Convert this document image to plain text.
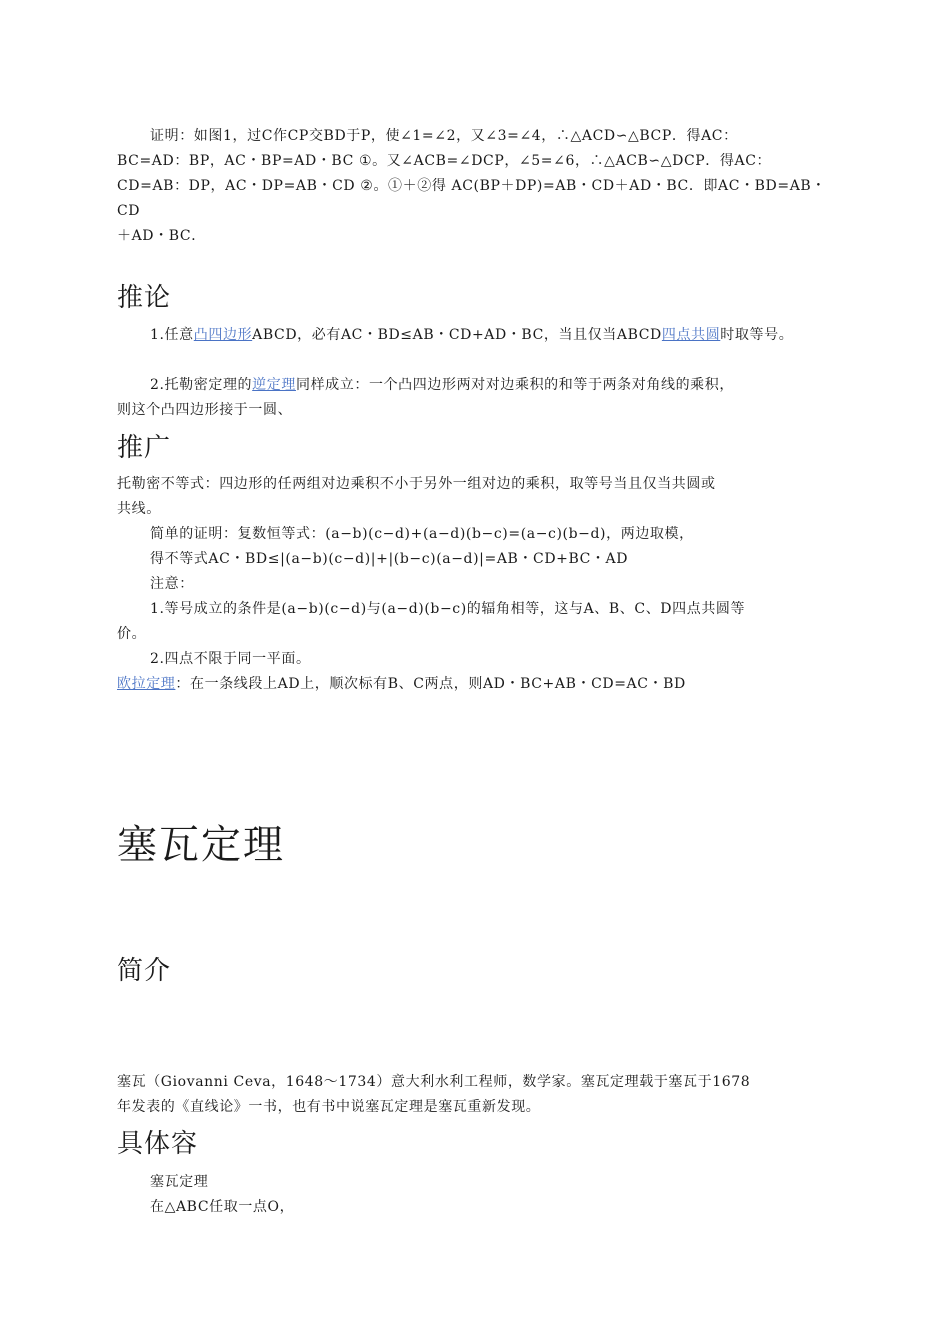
证明：如图1，过C作CP交BD于P，使∠1=∠2，又∠3=∠4，∴△ACD∽△BCP．得AC：

BC=AD：BP，AC・BP=AD・BC ①。又∠ACB=∠DCP，∠5=∠6，∴△ACB∽△DCP．得AC：

CD=AB：DP，AC・DP=AB・CD ②。①＋②得 AC(BP＋DP)=AB・CD＋AD・BC．即AC・BD=AB・CD

＋AD・BC．

推论

1.任意凸四边形ABCD，必有AC・BD≤AB・CD+AD・BC，当且仅当ABCD四点共圆时取等号。

2.托勒密定理的逆定理同样成立：一个凸四边形两对对边乘积的和等于两条对角线的乘积，

则这个凸四边形接于一圆、

推广

托勒密不等式：四边形的任两组对边乘积不小于另外一组对边的乘积，取等号当且仅当共圆或

共线。

简单的证明：复数恒等式：(a−b)(c−d)+(a−d)(b−c)=(a−c)(b−d)，两边取模，

得不等式AC・BD≤|(a−b)(c−d)|+|(b−c)(a−d)|=AB・CD+BC・AD

注意：

1.等号成立的条件是(a−b)(c−d)与(a−d)(b−c)的辐角相等，这与A、B、C、D四点共圆等

价。

2.四点不限于同一平面。

欧拉定理：在一条线段上AD上，顺次标有B、C两点，则AD・BC+AB・CD=AC・BD

塞瓦定理
简介

塞瓦（Giovanni Ceva，1648～1734）意大利水利工程师，数学家。塞瓦定理载于塞瓦于1678

年发表的《直线论》一书，也有书中说塞瓦定理是塞瓦重新发现。

具体容

塞瓦定理

在△ABC任取一点O，
